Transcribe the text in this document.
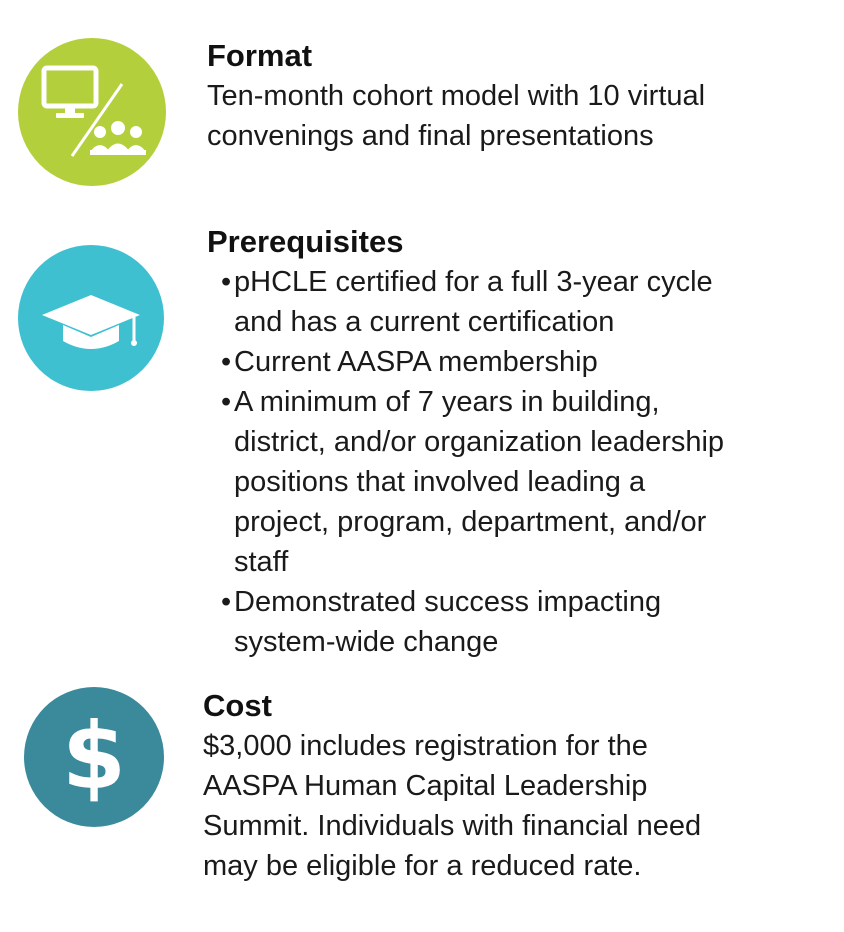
Format
Ten-month cohort model with 10 virtual
convenings and final presentations
Prerequisites
• pHCLE certified for a full 3-year cycle
and has a current certification
• Current AASPA membership
• A minimum of 7 years in building,
district, and/or organization leadership
positions that involved leading a
project, program, department, and/or
staff
• Demonstrated success impacting
system-wide change
$ Cost
$3,000 includes registration for the
AASPA Human Capital Leadership
Summit. Individuals with financial need
may be eligible for a reduced rate.
